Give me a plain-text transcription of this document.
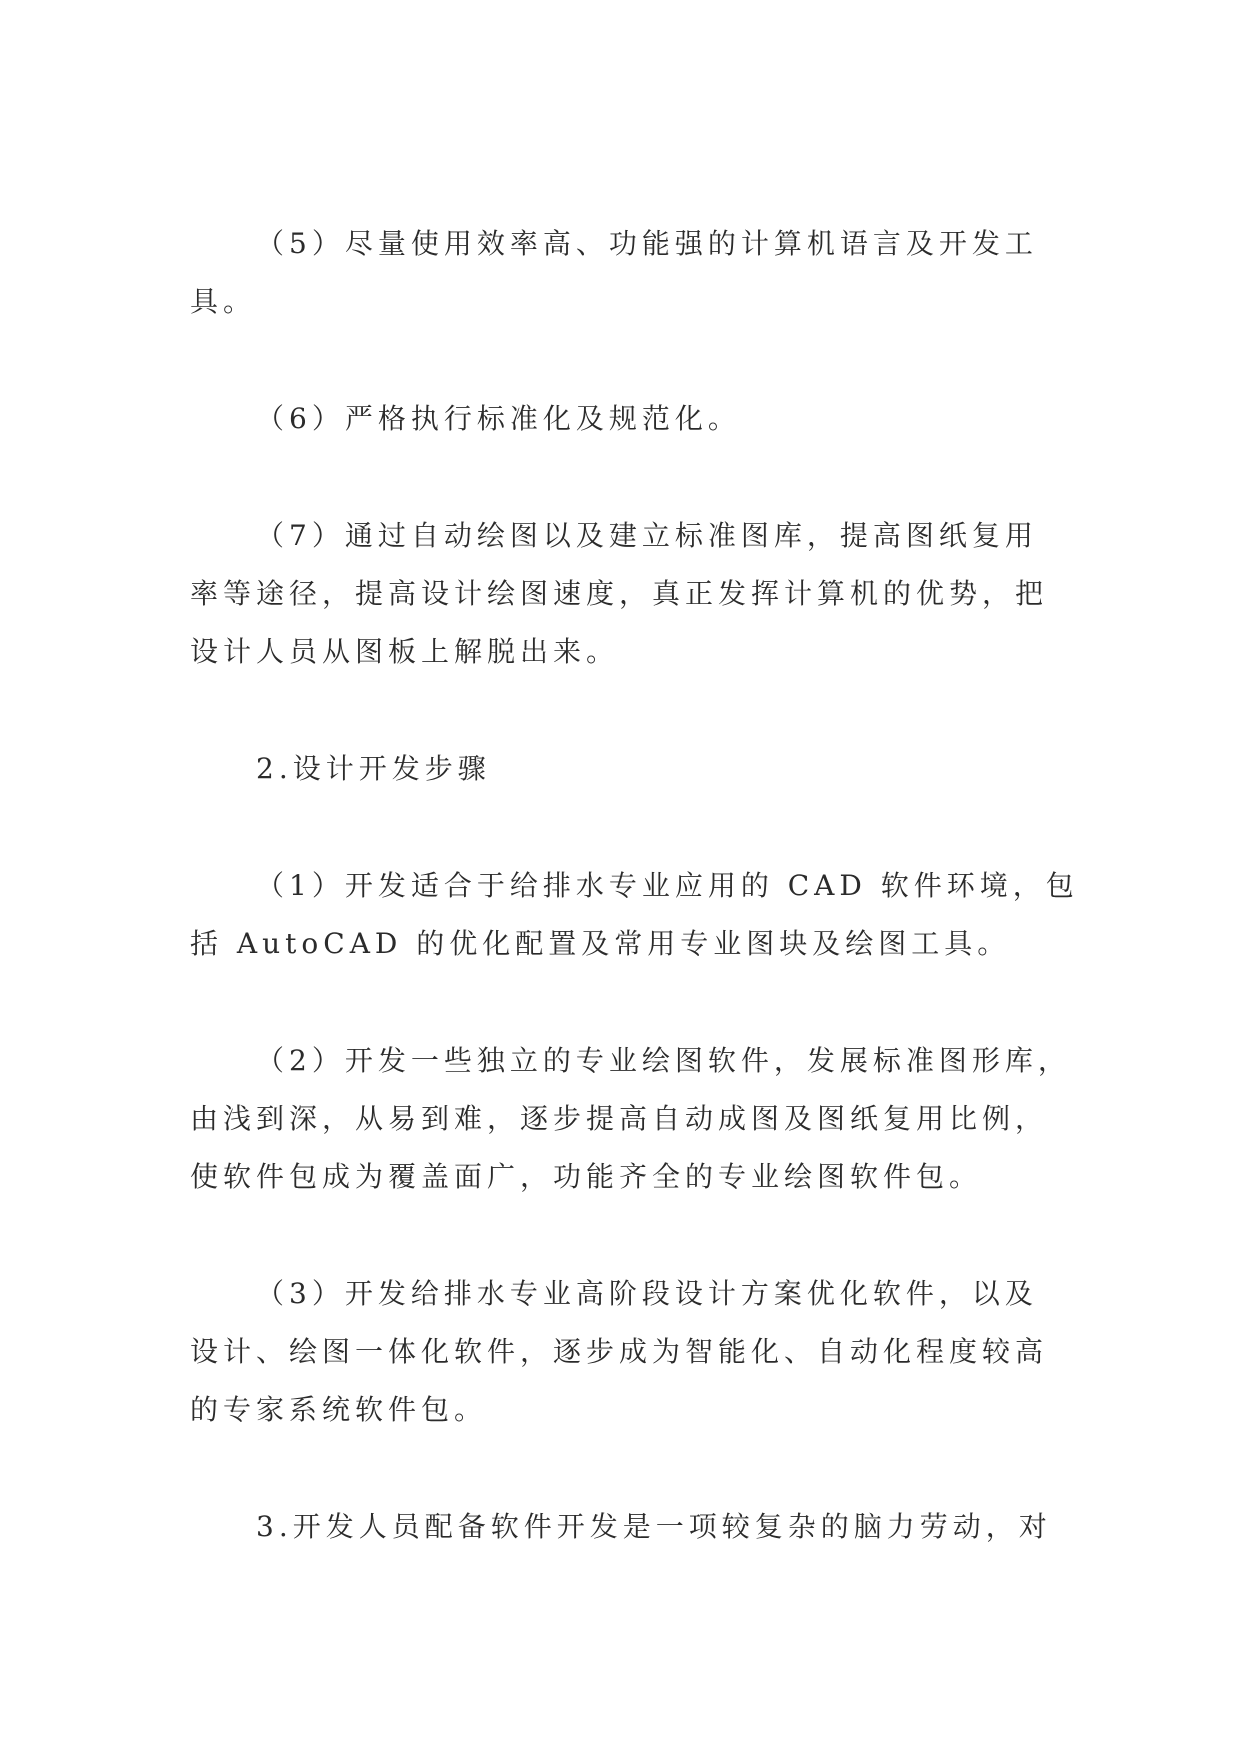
（5）尽量使用效率高、功能强的计算机语言及开发工
具。
（6）严格执行标准化及规范化。
（7）通过自动绘图以及建立标准图库，提高图纸复用
率等途径，提高设计绘图速度，真正发挥计算机的优势，把
设计人员从图板上解脱出来。
2.设计开发步骤
（1）开发适合于给排水专业应用的 CAD 软件环境，包
括 AutoCAD 的优化配置及常用专业图块及绘图工具。
（2）开发一些独立的专业绘图软件，发展标准图形库，
由浅到深，从易到难，逐步提高自动成图及图纸复用比例，
使软件包成为覆盖面广，功能齐全的专业绘图软件包。
（3）开发给排水专业高阶段设计方案优化软件，以及
设计、绘图一体化软件，逐步成为智能化、自动化程度较高
的专家系统软件包。
3.开发人员配备软件开发是一项较复杂的脑力劳动，对
